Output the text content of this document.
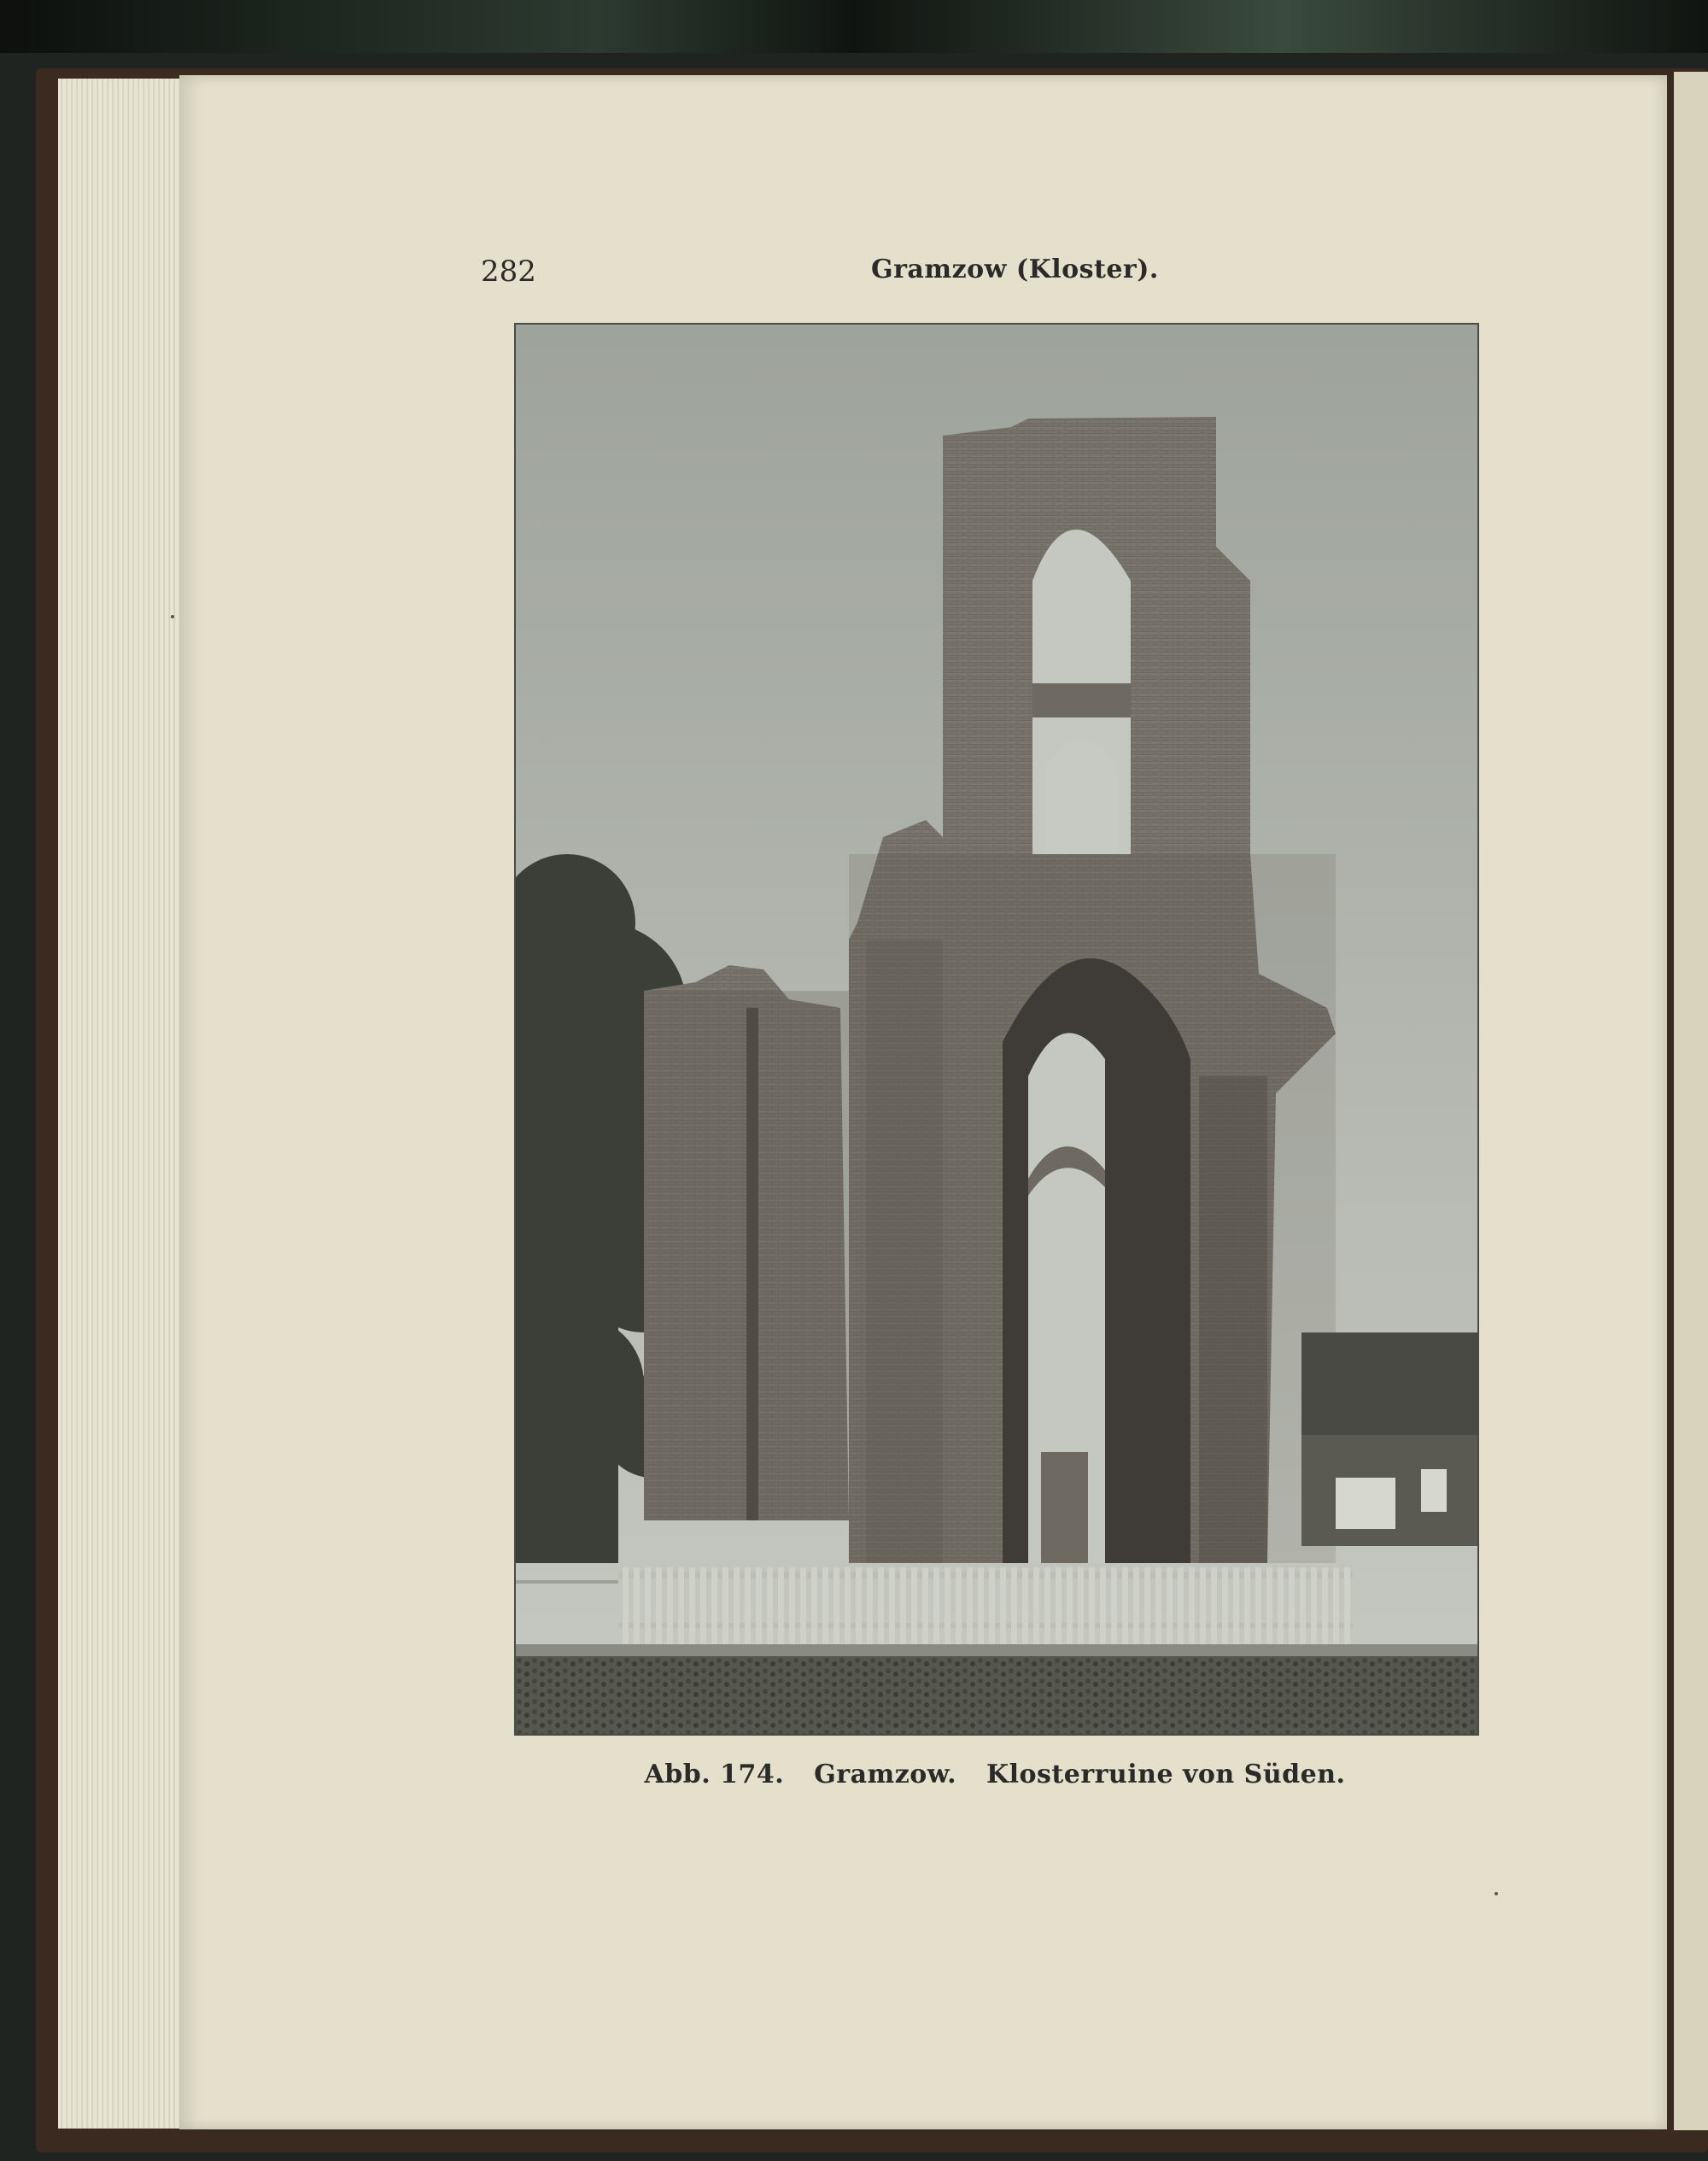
282	Gramzow (Kloster).
Abb. 174. Gramzow. Klosterruine von Süden.
